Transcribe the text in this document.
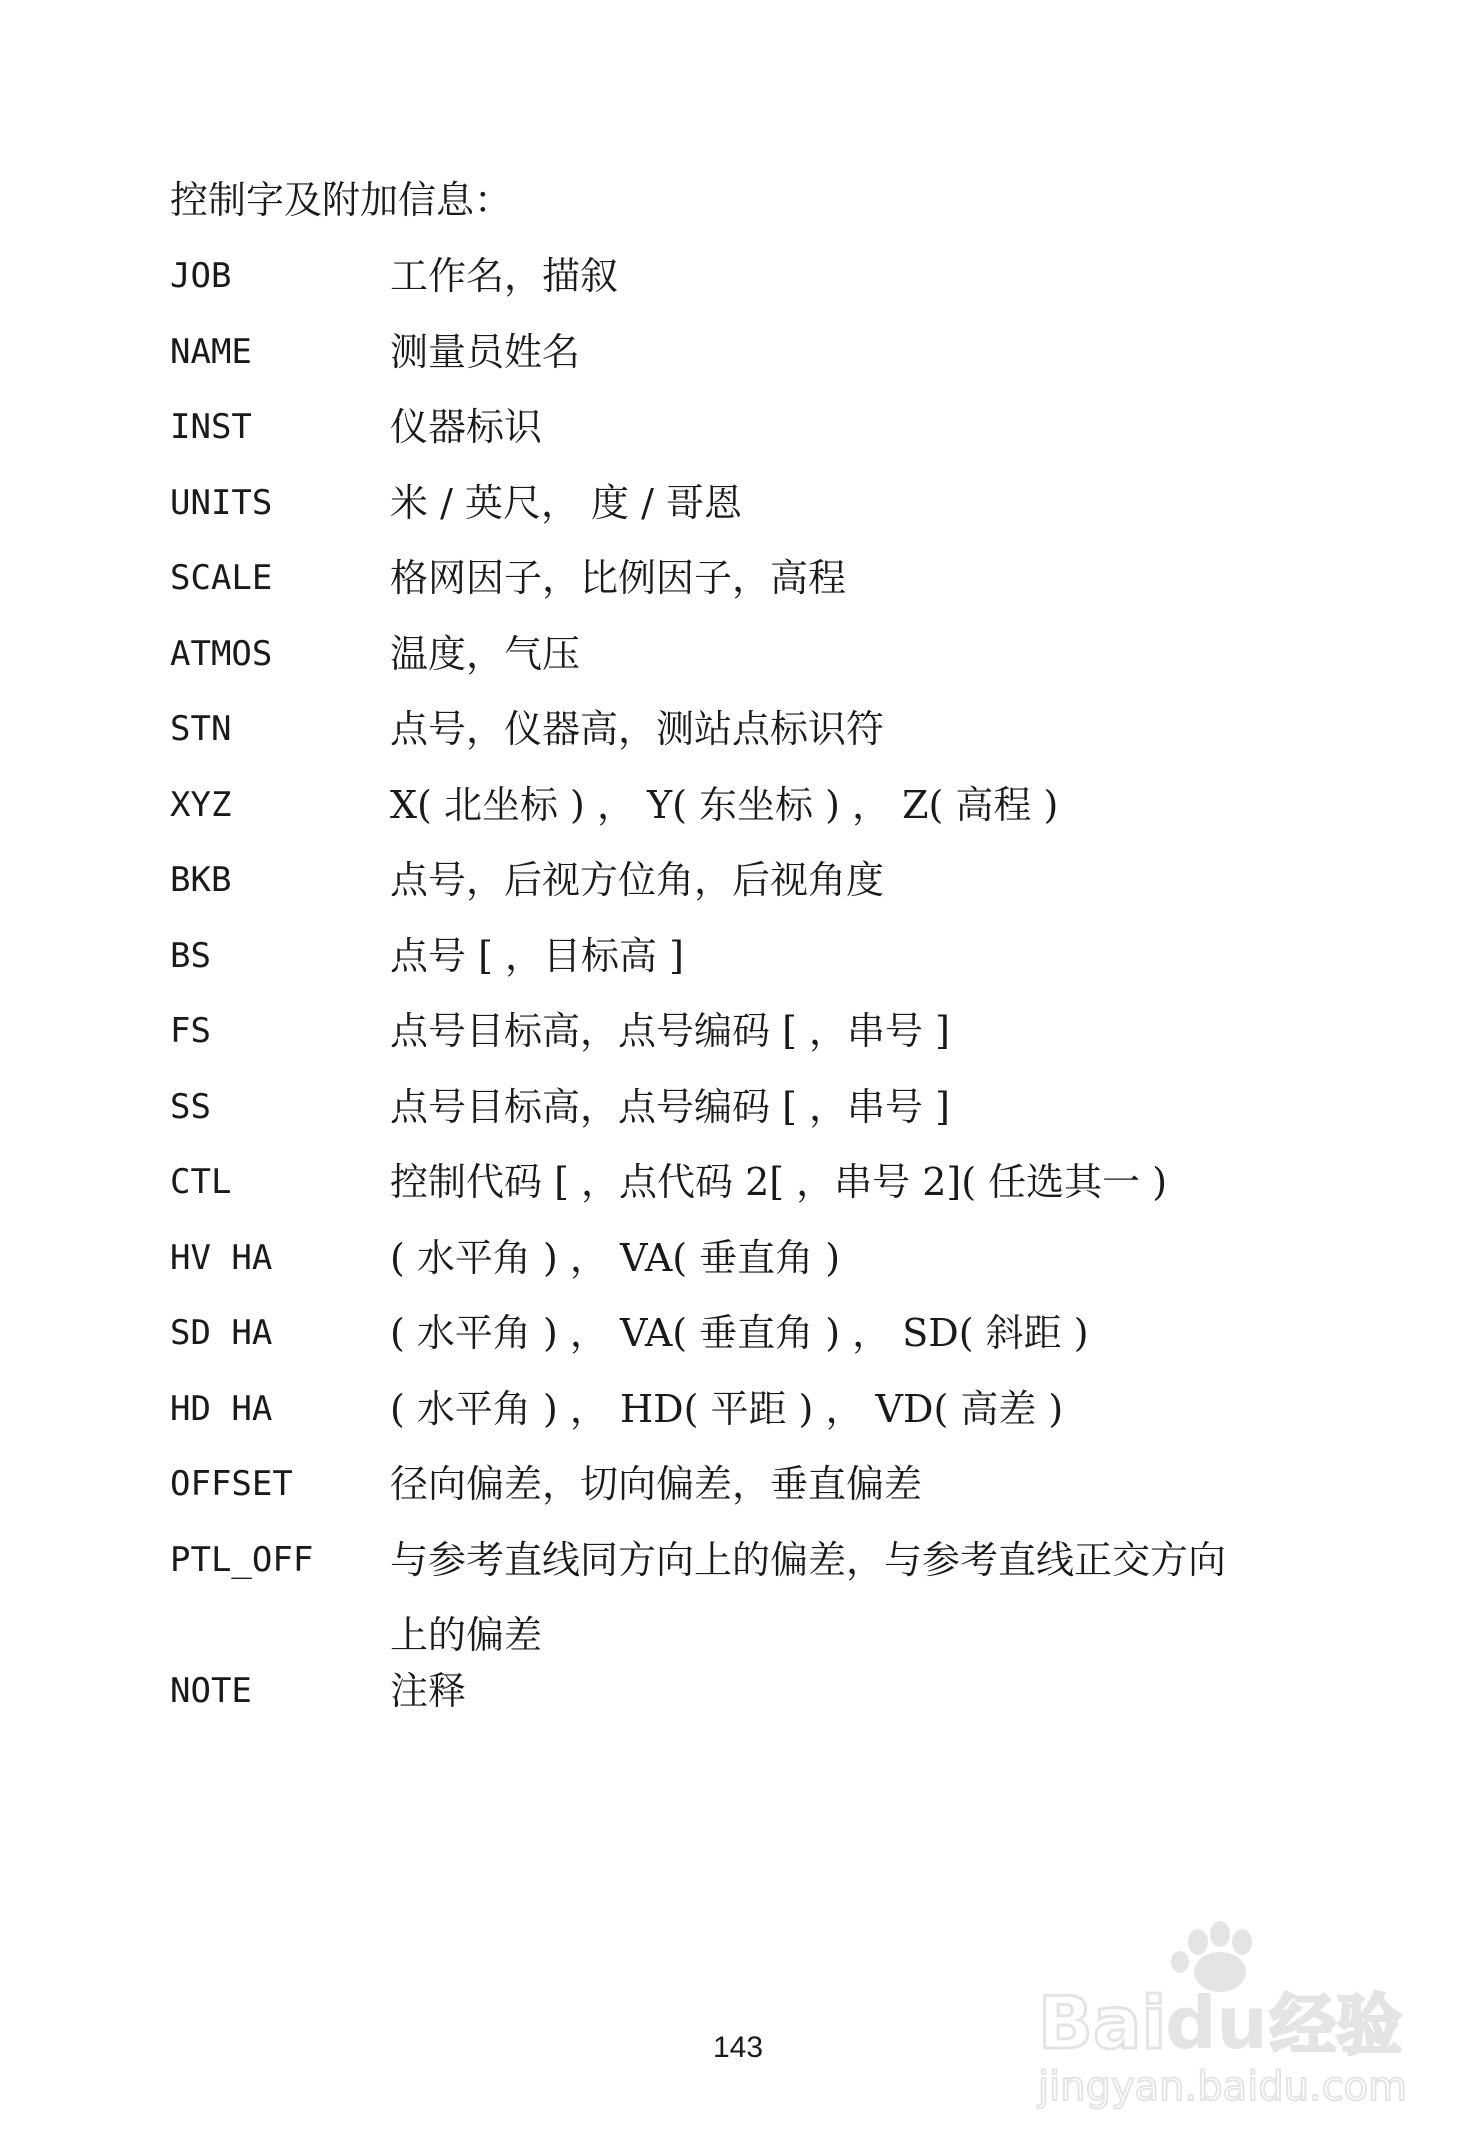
控制字及附加信息：
JOB	工作名，描叙
NAME	测量员姓名
INST	仪器标识
UNITS	米 / 英尺， 度 / 哥恩
SCALE	格网因子，比例因子，高程
ATMOS	温度，气压
STN	点号，仪器高，测站点标识符
XYZ	X( 北坐标 ) ， Y( 东坐标 ) ， Z( 高程 )
BKB	点号，后视方位角，后视角度
BS	点号 [ ，目标高 ]
FS	点号目标高，点号编码 [ ，串号 ]
SS	点号目标高，点号编码 [ ，串号 ]
CTL	控制代码 [ ，点代码 2[ ，串号 2]( 任选其一 )
HV HA	( 水平角 ) ， VA( 垂直角 )
SD HA	( 水平角 ) ， VA( 垂直角 ) ， SD( 斜距 )
HD HA	( 水平角 ) ， HD( 平距 ) ， VD( 高差 )
OFFSET	径向偏差，切向偏差，垂直偏差
PTL_OFF	与参考直线同方向上的偏差，与参考直线正交方向
上的偏差
NOTE	注释
143	Bai
du 经验
jingyan.baidu.com
